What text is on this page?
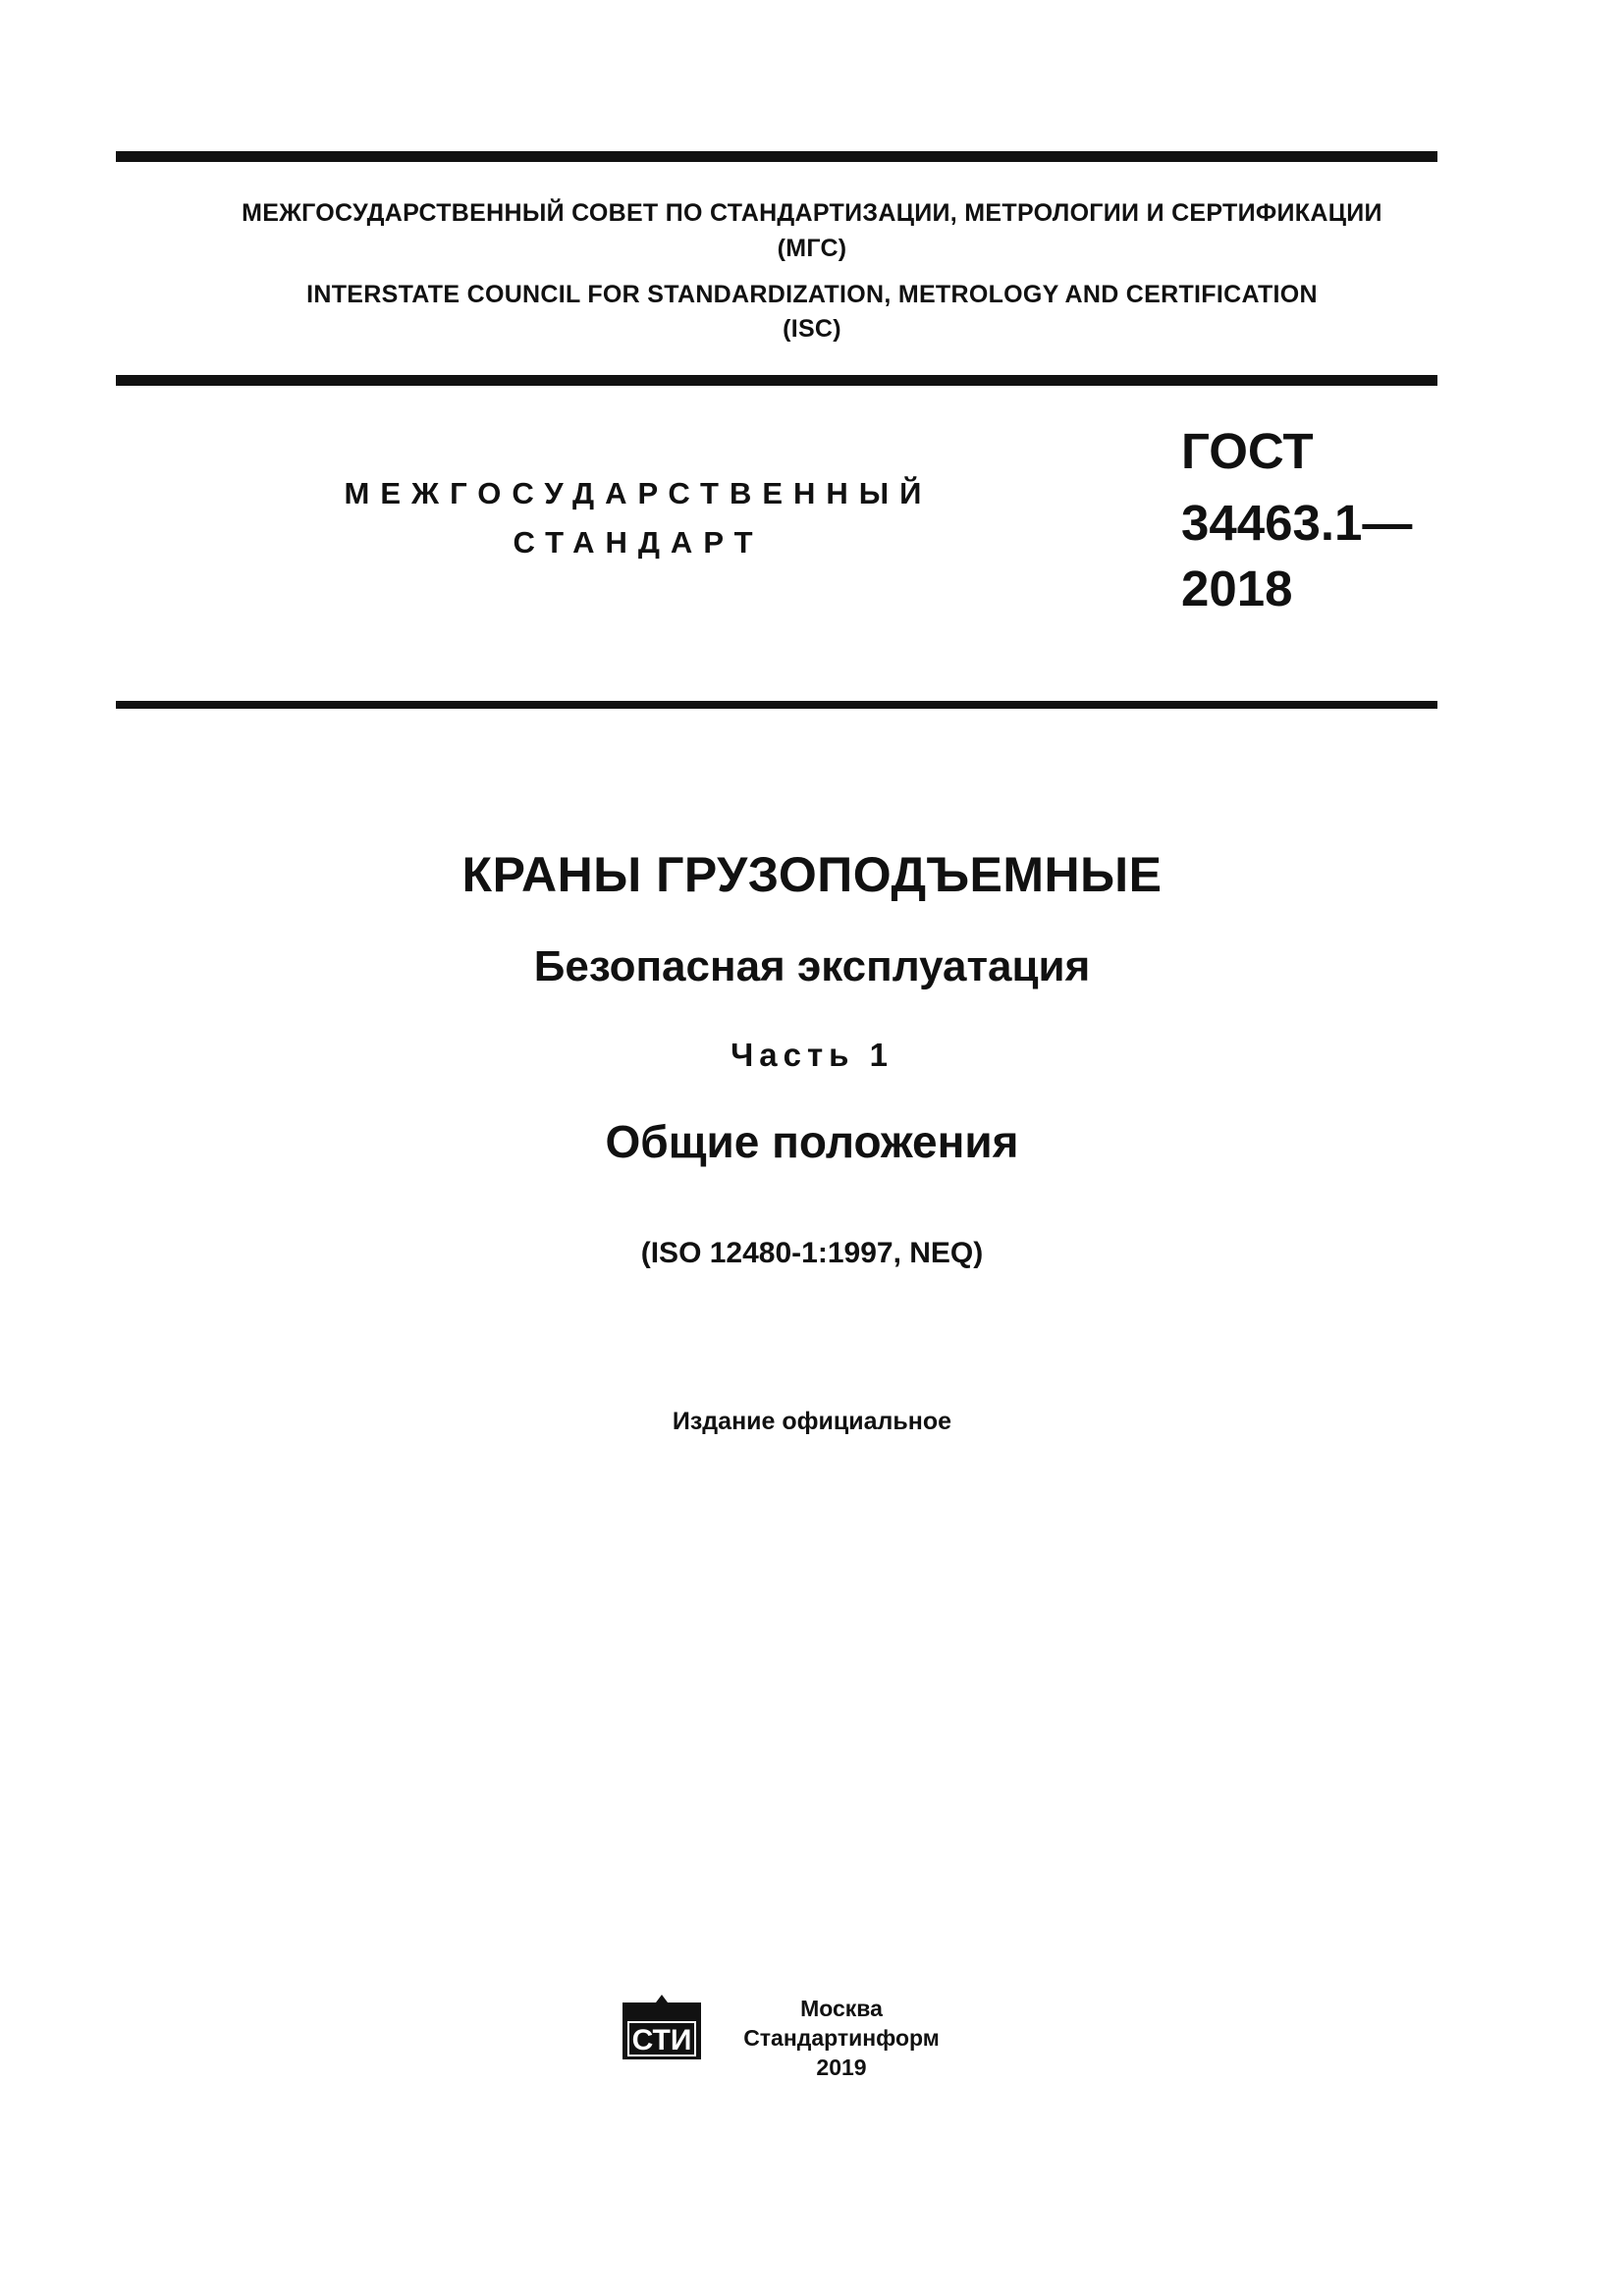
МЕЖГОСУДАРСТВЕННЫЙ СОВЕТ ПО СТАНДАРТИЗАЦИИ, МЕТРОЛОГИИ И СЕРТИФИКАЦИИ
(МГС)
INTERSTATE COUNCIL FOR STANDARDIZATION, METROLOGY AND CERTIFICATION
(ISC)
МЕЖГОСУДАРСТВЕННЫЙ
СТАНДАРТ
ГОСТ
34463.1—
2018
КРАНЫ ГРУЗОПОДЪЕМНЫЕ
Безопасная эксплуатация
Часть 1
Общие положения
(ISO 12480-1:1997, NEQ)
Издание официальное
СТИ
Москва
Стандартинформ
2019
